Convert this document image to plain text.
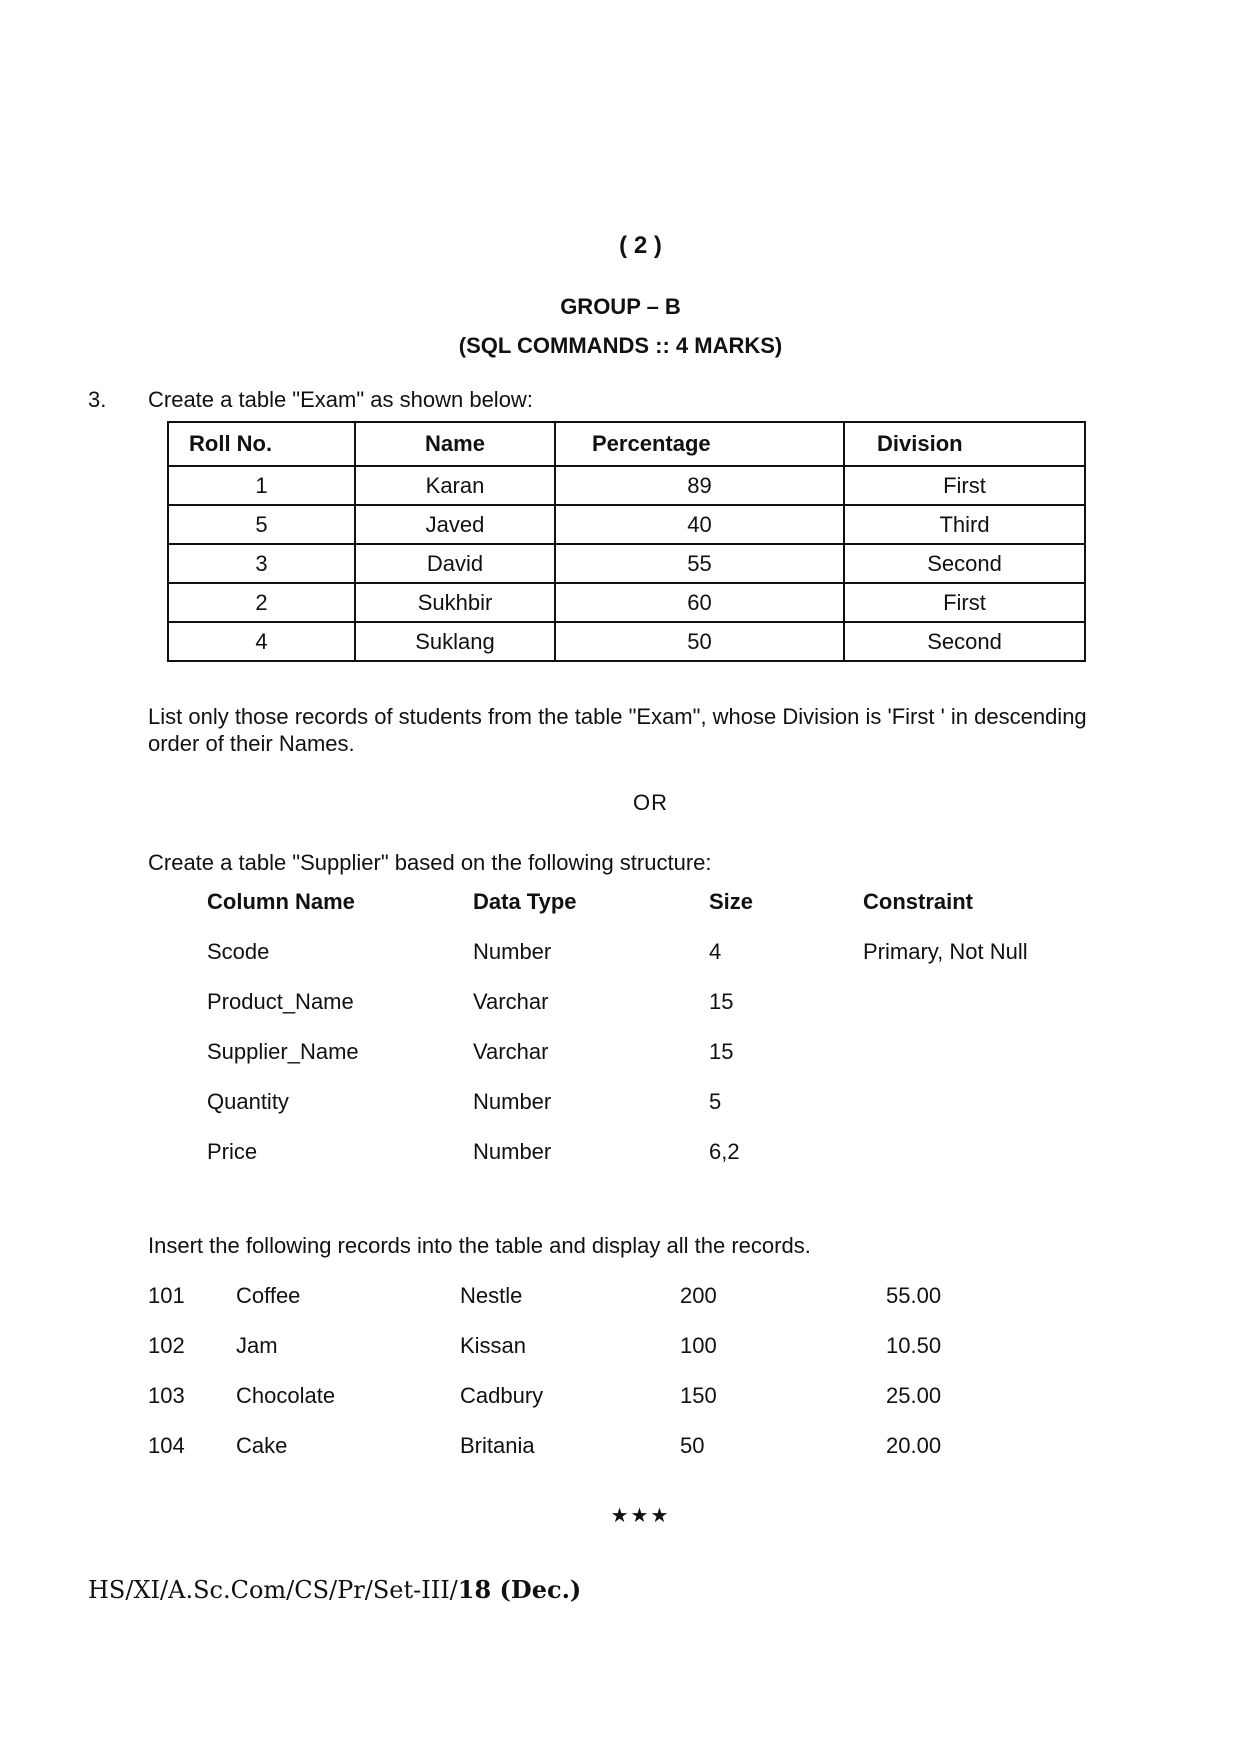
( 2 )
GROUP – B
(SQL COMMANDS :: 4 MARKS)
3. Create a table "Exam" as shown below:
Roll No.	Name	Percentage	Division
1	Karan	89	First
5	Javed	40	Third
3	David	55	Second
2	Sukhbir	60	First
4	Suklang	50	Second
List only those records of students from the table "Exam", whose Division is 'First ' in descending order of their Names.
OR
Create a table "Supplier" based on the following structure:
Column Name	Data Type	Size	Constraint
Scode	Number	4	Primary, Not Null
Product_Name	Varchar	15
Supplier_Name	Varchar	15
Quantity	Number	5
Price	Number	6,2
Insert the following records into the table and display all the records.
101 Coffee	Nestle	200	55.00
102 Jam	Kissan	100	10.50
103 Chocolate	Cadbury	150	25.00
104 Cake	Britania	50	20.00
★★★
HS/XI/A.Sc.Com/CS/Pr/Set-III/18 (Dec.)
